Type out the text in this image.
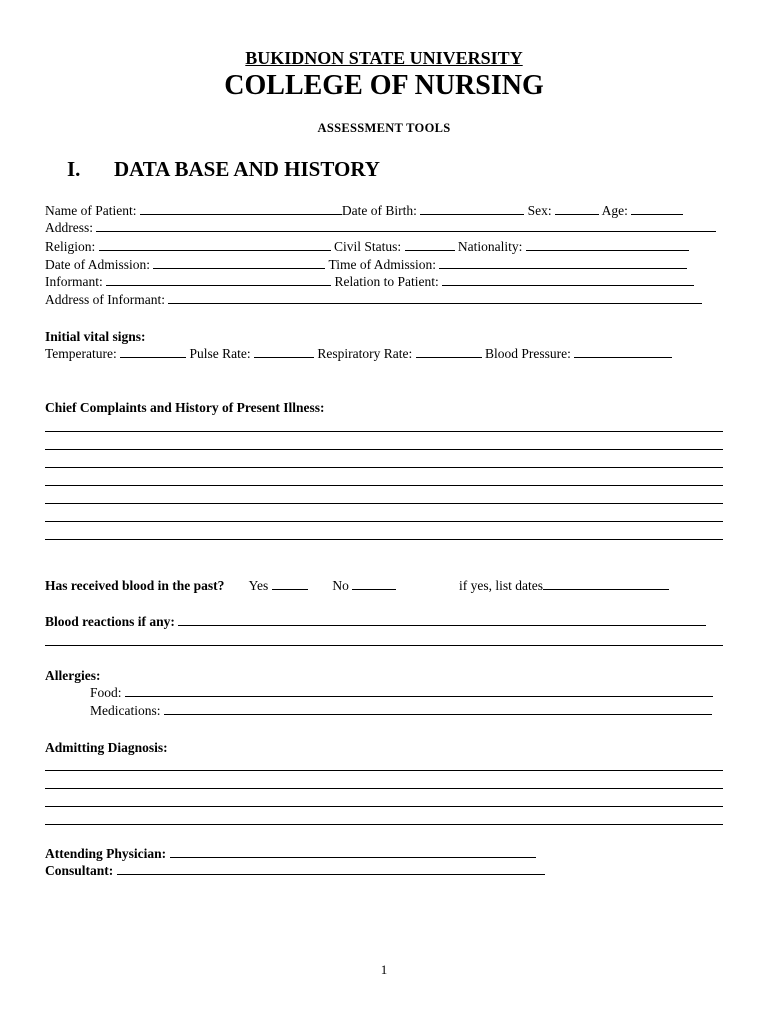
BUKIDNON STATE UNIVERSITY
COLLEGE OF NURSING
ASSESSMENT TOOLS
I. DATA BASE AND HISTORY
Name of Patient:	Date of Birth:	Sex:	Age:
Address:
Religion:	Civil Status:	Nationality:
Date of Admission:	Time of Admission:
Informant:	Relation to Patient:
Address of Informant:
Initial vital signs:
Temperature:	Pulse Rate:	Respiratory Rate:	Blood Pressure:
Chief Complaints and History of Present Illness:
Has received blood in the past? Yes	No	if yes, list dates
Blood reactions if any:
Allergies:
Food:
Medications:
Admitting Diagnosis:
Attending Physician:
Consultant:
1
